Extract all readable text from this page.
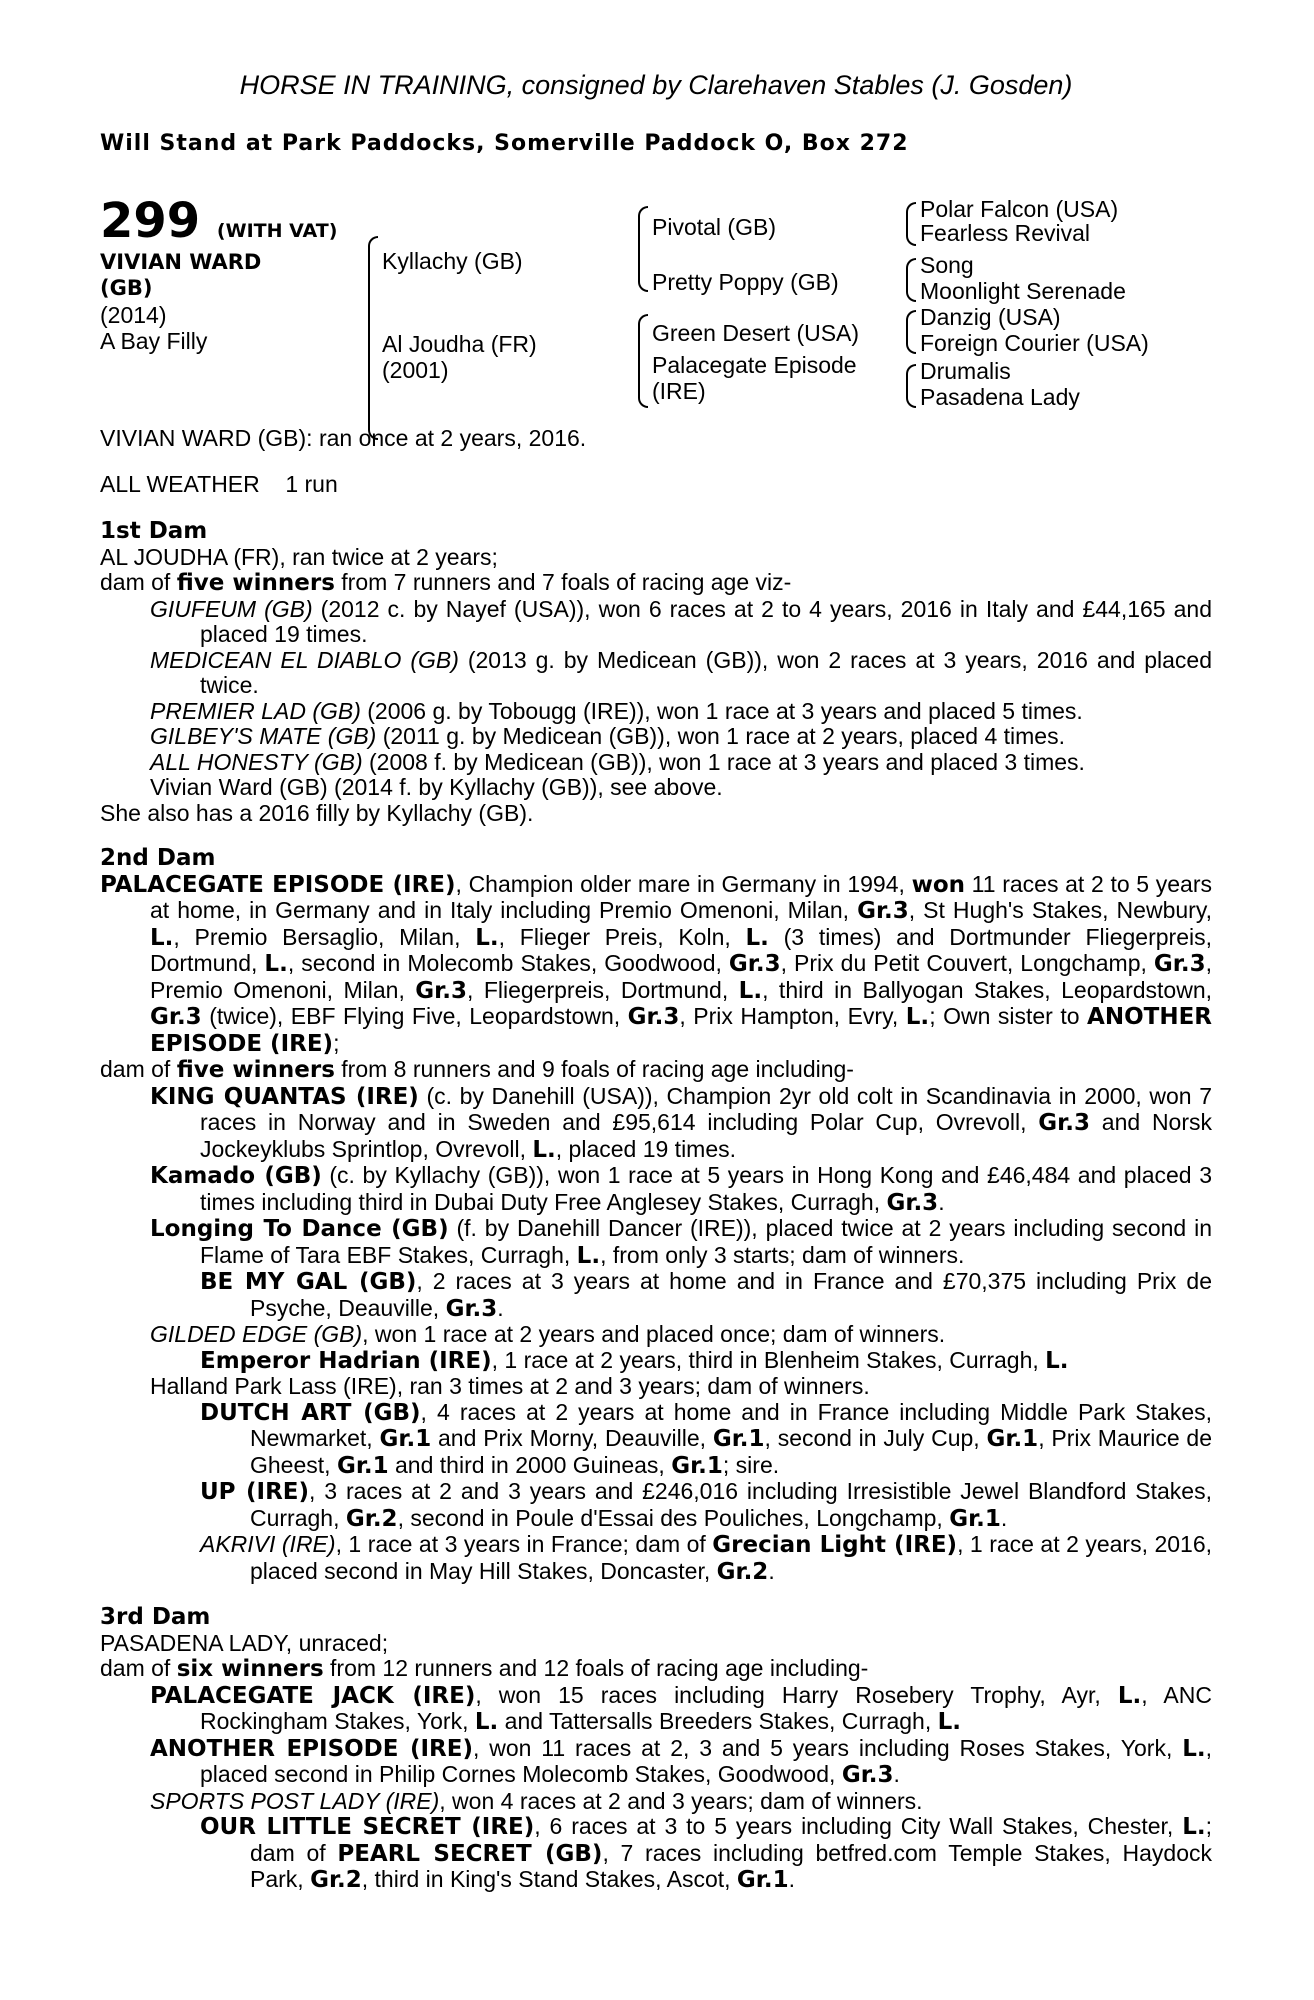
HORSE IN TRAINING, consigned by Clarehaven Stables (J. Gosden)
Will Stand at Park Paddocks, Somerville Paddock O, Box 272
299 (WITH VAT)
VIVIAN WARD
(GB)
(2014)
A Bay Filly
Kyllachy (GB)
Al Joudha (FR)
(2001)
Pivotal (GB)
Pretty Poppy (GB)
Green Desert (USA)
Palacegate Episode
(IRE)
Polar Falcon (USA)
Fearless Revival
Song
Moonlight Serenade
Danzig (USA)
Foreign Courier (USA)
Drumalis
Pasadena Lady

VIVIAN WARD (GB): ran once at 2 years, 2016.

ALL WEATHER 1 run

1st Dam

AL JOUDHA (FR), ran twice at 2 years;

dam of five winners from 7 runners and 7 foals of racing age viz-

GIUFEUM (GB) (2012 c. by Nayef (USA)), won 6 races at 2 to 4 years, 2016 in Italy and £44,165 and placed 19 times.

MEDICEAN EL DIABLO (GB) (2013 g. by Medicean (GB)), won 2 races at 3 years, 2016 and placed twice.

PREMIER LAD (GB) (2006 g. by Tobougg (IRE)), won 1 race at 3 years and placed 5 times.

GILBEY'S MATE (GB) (2011 g. by Medicean (GB)), won 1 race at 2 years, placed 4 times.

ALL HONESTY (GB) (2008 f. by Medicean (GB)), won 1 race at 3 years and placed 3 times.

Vivian Ward (GB) (2014 f. by Kyllachy (GB)), see above.

She also has a 2016 filly by Kyllachy (GB).

2nd Dam

PALACEGATE EPISODE (IRE), Champion older mare in Germany in 1994, won 11 races at 2 to 5 years at home, in Germany and in Italy including Premio Omenoni, Milan, Gr.3, St Hugh's Stakes, Newbury, L., Premio Bersaglio, Milan, L., Flieger Preis, Koln, L. (3 times) and Dortmunder Fliegerpreis, Dortmund, L., second in Molecomb Stakes, Goodwood, Gr.3, Prix du Petit Couvert, Longchamp, Gr.3, Premio Omenoni, Milan, Gr.3, Fliegerpreis, Dortmund, L., third in Ballyogan Stakes, Leopardstown, Gr.3 (twice), EBF Flying Five, Leopardstown, Gr.3, Prix Hampton, Evry, L.; Own sister to ANOTHER EPISODE (IRE);

dam of five winners from 8 runners and 9 foals of racing age including-

KING QUANTAS (IRE) (c. by Danehill (USA)), Champion 2yr old colt in Scandinavia in 2000, won 7 races in Norway and in Sweden and £95,614 including Polar Cup, Ovrevoll, Gr.3 and Norsk Jockeyklubs Sprintlop, Ovrevoll, L., placed 19 times.

Kamado (GB) (c. by Kyllachy (GB)), won 1 race at 5 years in Hong Kong and £46,484 and placed 3 times including third in Dubai Duty Free Anglesey Stakes, Curragh, Gr.3.

Longing To Dance (GB) (f. by Danehill Dancer (IRE)), placed twice at 2 years including second in Flame of Tara EBF Stakes, Curragh, L., from only 3 starts; dam of winners.

BE MY GAL (GB), 2 races at 3 years at home and in France and £70,375 including Prix de Psyche, Deauville, Gr.3.

GILDED EDGE (GB), won 1 race at 2 years and placed once; dam of winners.

Emperor Hadrian (IRE), 1 race at 2 years, third in Blenheim Stakes, Curragh, L.

Halland Park Lass (IRE), ran 3 times at 2 and 3 years; dam of winners.

DUTCH ART (GB), 4 races at 2 years at home and in France including Middle Park Stakes, Newmarket, Gr.1 and Prix Morny, Deauville, Gr.1, second in July Cup, Gr.1, Prix Maurice de Gheest, Gr.1 and third in 2000 Guineas, Gr.1; sire.

UP (IRE), 3 races at 2 and 3 years and £246,016 including Irresistible Jewel Blandford Stakes, Curragh, Gr.2, second in Poule d'Essai des Pouliches, Longchamp, Gr.1.

AKRIVI (IRE), 1 race at 3 years in France; dam of Grecian Light (IRE), 1 race at 2 years, 2016, placed second in May Hill Stakes, Doncaster, Gr.2.

3rd Dam

PASADENA LADY, unraced;

dam of six winners from 12 runners and 12 foals of racing age including-

PALACEGATE JACK (IRE), won 15 races including Harry Rosebery Trophy, Ayr, L., ANC Rockingham Stakes, York, L. and Tattersalls Breeders Stakes, Curragh, L.

ANOTHER EPISODE (IRE), won 11 races at 2, 3 and 5 years including Roses Stakes, York, L., placed second in Philip Cornes Molecomb Stakes, Goodwood, Gr.3.

SPORTS POST LADY (IRE), won 4 races at 2 and 3 years; dam of winners.

OUR LITTLE SECRET (IRE), 6 races at 3 to 5 years including City Wall Stakes, Chester, L.; dam of PEARL SECRET (GB), 7 races including betfred.com Temple Stakes, Haydock Park, Gr.2, third in King's Stand Stakes, Ascot, Gr.1.
